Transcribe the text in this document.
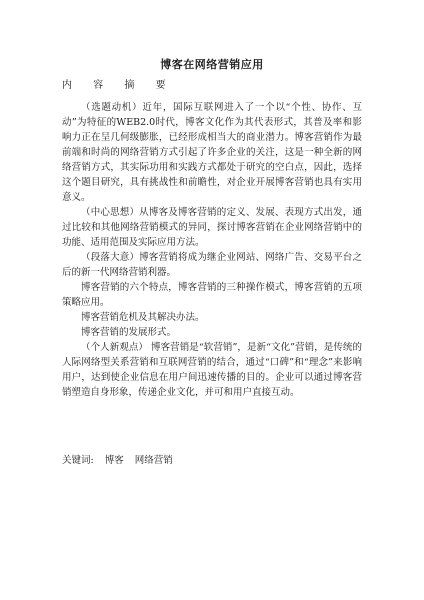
博客在网络营销应用
内 容 摘 要

（选题动机）近年，国际互联网进入了一个以“个性、协作、互动”为特征的WEB2.0时代，博客文化作为其代表形式，其普及率和影响力正在呈几何级膨胀，已经形成相当大的商业潜力。博客营销作为最前端和时尚的网络营销方式引起了许多企业的关注，这是一种全新的网络营销方式，其实际功用和实践方式都处于研究的空白点，因此，选择这个题目研究，具有挑战性和前瞻性，对企业开展博客营销也具有实用意义。

（中心思想）从博客及博客营销的定义、发展、表现方式出发，通过比较和其他网络营销模式的异同，探讨博客营销在企业网络营销中的功能、适用范围及实际应用方法。

（段落大意）博客营销将成为继企业网站、网络广告、交易平台之后的新一代网络营销利器。

博客营销的六个特点，博客营销的三种操作模式，博客营销的五项策略应用。

博客营销危机及其解决办法。

博客营销的发展形式。

（个人新观点） 博客营销是“软营销”，是新“文化”营销，是传统的人际网络型关系营销和互联网营销的结合，通过“口碑”和“理念”来影响用户，达到使企业信息在用户间迅速传播的目的。企业可以通过博客营销塑造自身形象，传递企业文化，并可和用户直接互动。

关键词: 博客 网络营销
